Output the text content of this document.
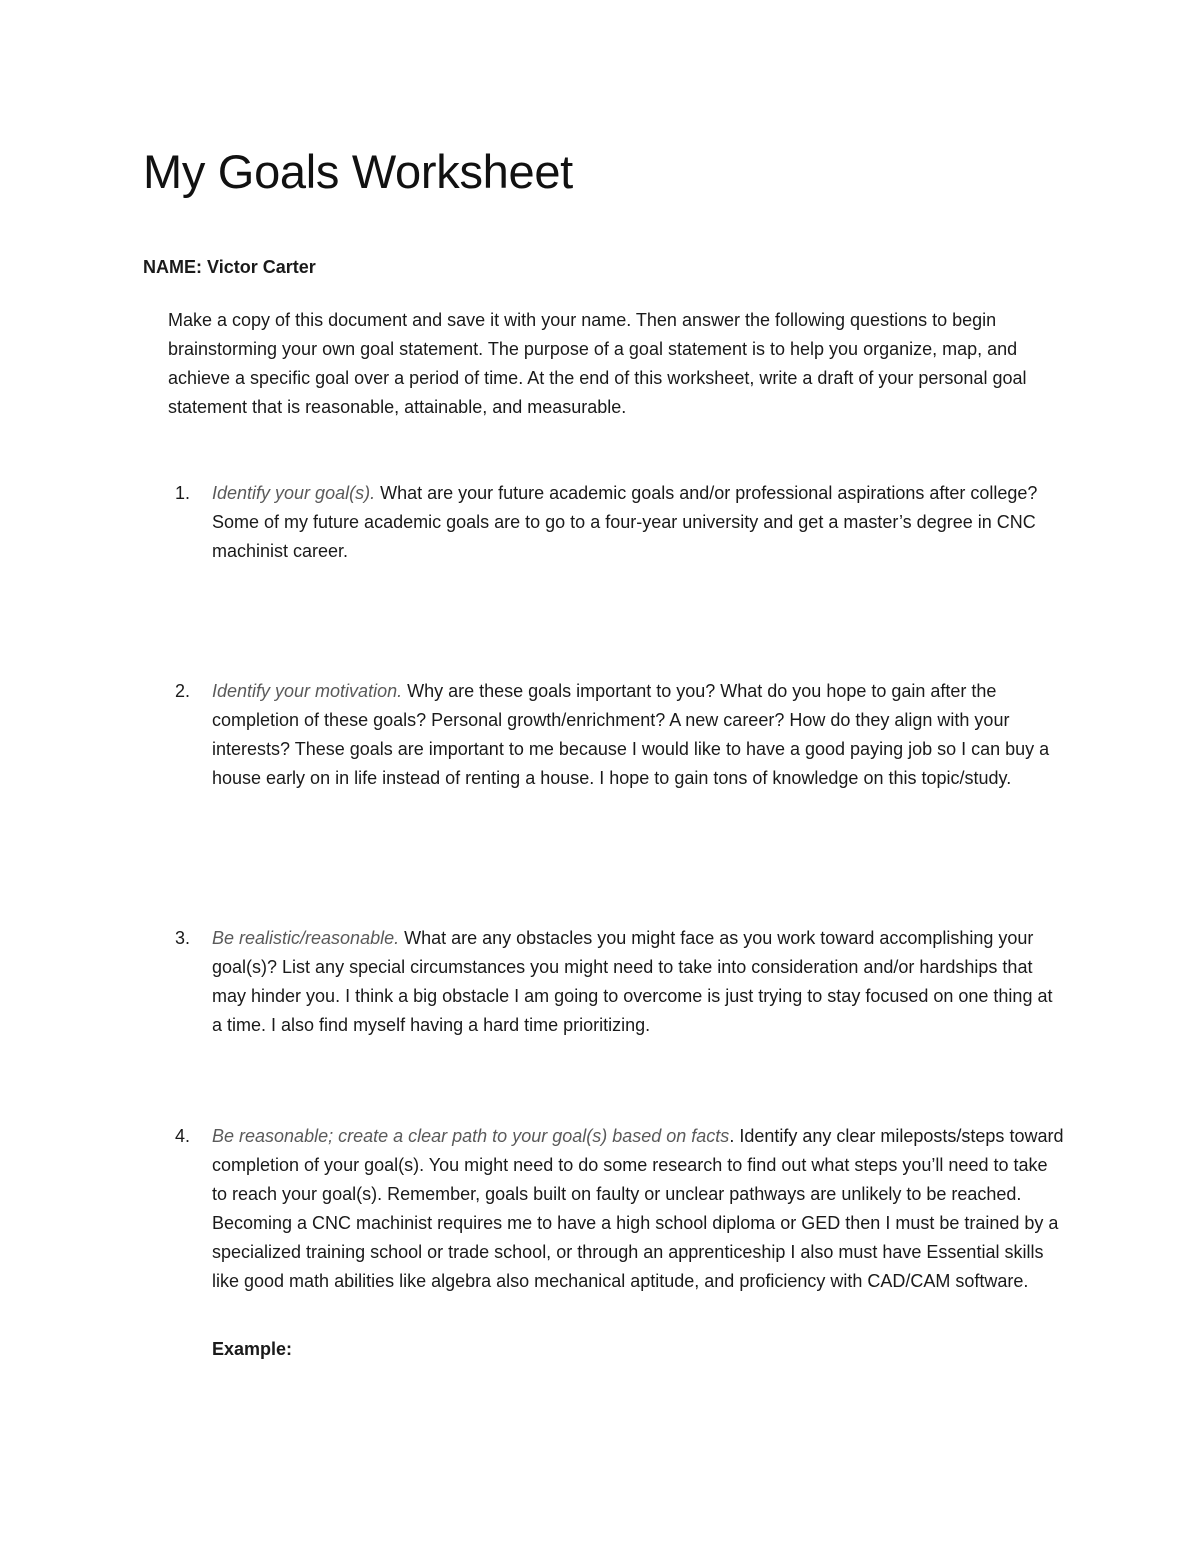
My Goals Worksheet
NAME: Victor Carter
Make a copy of this document and save it with your name. Then answer the following questions to begin brainstorming your own goal statement. The purpose of a goal statement is to help you organize, map, and achieve a specific goal over a period of time. At the end of this worksheet, write a draft of your personal goal statement that is reasonable, attainable, and measurable.
1.	Identify your goal(s). What are your future academic goals and/or professional aspirations after college? Some of my future academic goals are to go to a four-year university and get a master’s degree in CNC machinist career.
2.	Identify your motivation. Why are these goals important to you? What do you hope to gain after the completion of these goals? Personal growth/enrichment? A new career? How do they align with your interests? These goals are important to me because I would like to have a good paying job so I can buy a house early on in life instead of renting a house. I hope to gain tons of knowledge on this topic/study.
3.	Be realistic/reasonable. What are any obstacles you might face as you work toward accomplishing your goal(s)? List any special circumstances you might need to take into consideration and/or hardships that may hinder you. I think a big obstacle I am going to overcome is just trying to stay focused on one thing at a time. I also find myself having a hard time prioritizing.
4.	Be reasonable; create a clear path to your goal(s) based on facts. Identify any clear mileposts/steps toward completion of your goal(s). You might need to do some research to find out what steps you’ll need to take to reach your goal(s). Remember, goals built on faulty or unclear pathways are unlikely to be reached. Becoming a CNC machinist requires me to have a high school diploma or GED then I must be trained by a specialized training school or trade school, or through an apprenticeship I also must have Essential skills like good math abilities like algebra also mechanical aptitude, and proficiency with CAD/CAM software.
Example:
